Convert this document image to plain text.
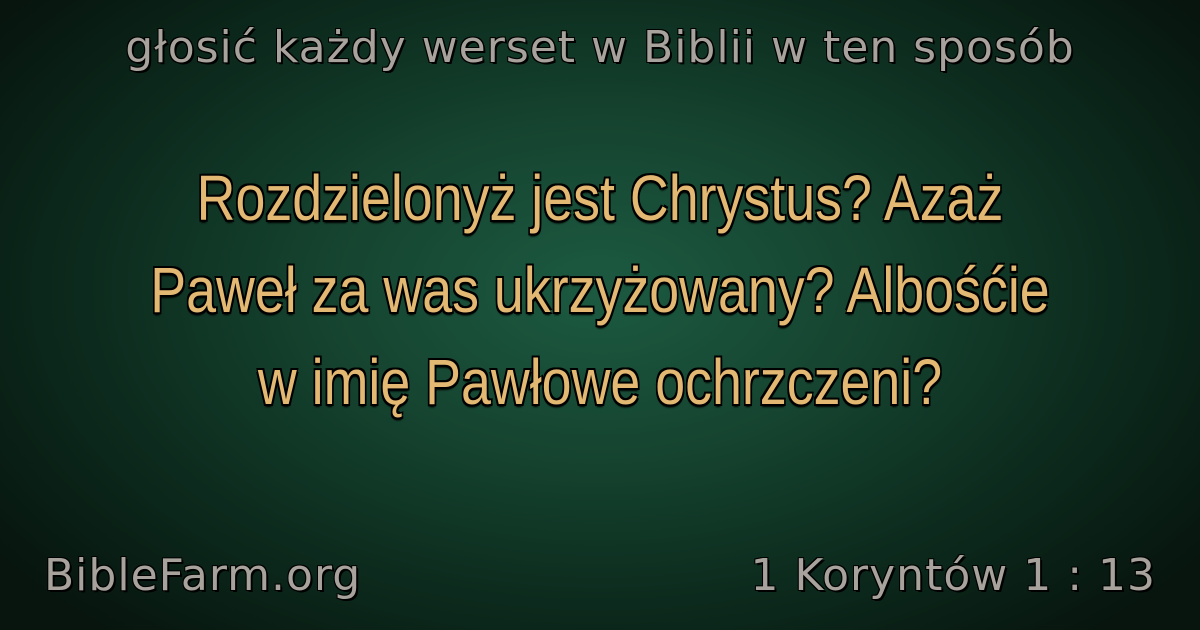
głosić każdy werset w Biblii w ten sposób
Rozdzielonyż jest Chrystus? Azaż
Paweł za was ukrzyżowany? Albośćie
w imię Pawłowe ochrzczeni?
BibleFarm.org	1 Koryntów 1 : 13
